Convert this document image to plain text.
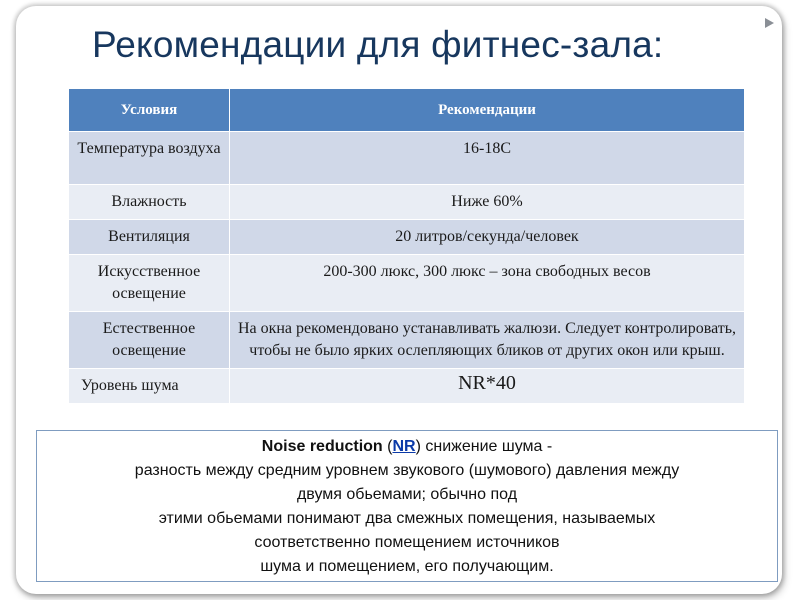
Рекомендации для фитнес-зала:
Условия	Рекомендации
Температура воздуха	16-18С
Влажность	Ниже 60%
Вентиляция	20 литров/секунда/человек
Искусственное освещение	200-300 люкс, 300 люкс – зона свободных весов
Естественное освещение	На окна рекомендовано устанавливать жалюзи. Следует контролировать, чтобы не было ярких ослепляющих бликов от других окон или крыш.
Уровень шума	NR*40

Noise reduction (NR) снижение шума -

разность между средним уровнем звукового (шумового) давления между

двумя обьемами; обычно под

этими обьемами понимают два смежных помещения, называемых

соответственно помещением источников

шума и помещением, его получающим.
